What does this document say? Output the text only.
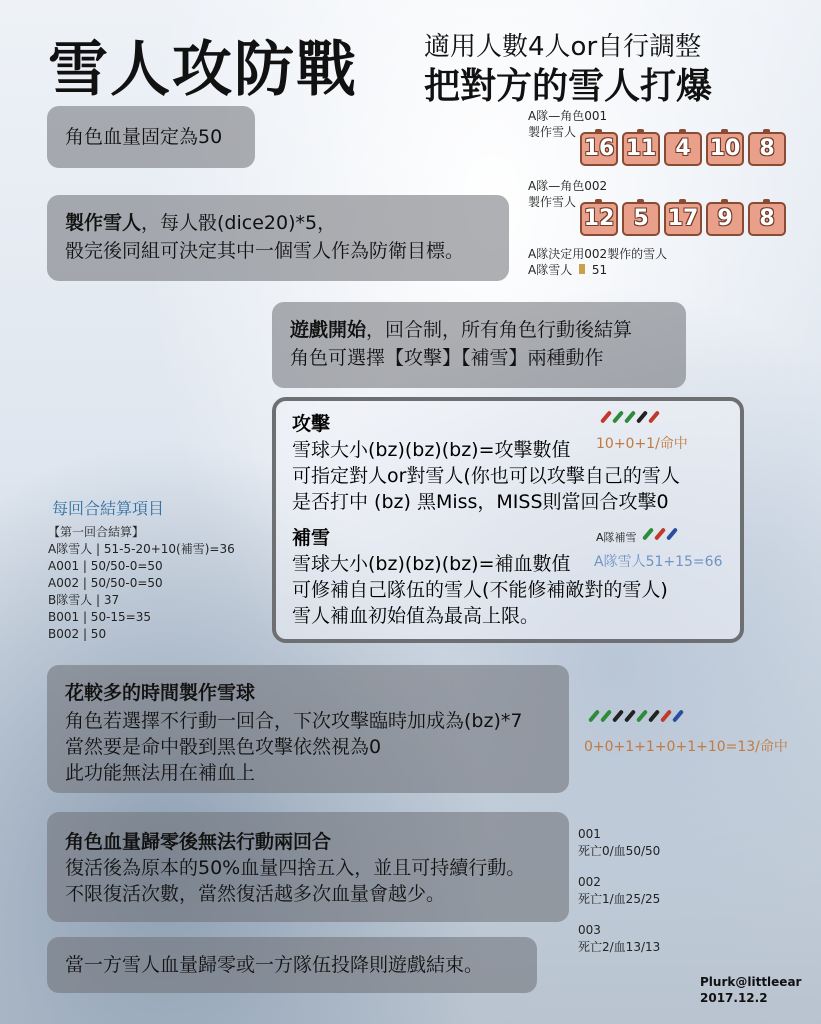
雪人攻防戰	適用人數4人or自行調整
把對方的雪人打爆
角色血量固定為50
製作雪人，每人骰(dice20)*5，
骰完後同組可決定其中一個雪人作為防衛目標。
A隊—角色001
製作雪人
16 11 4 10 8
A隊—角色002
製作雪人
12 5 17 9 8
A隊決定用002製作的雪人
A隊雪人 51
遊戲開始，回合制，所有角色行動後結算
角色可選擇【攻擊】【補雪】兩種動作
攻擊
雪球大小(bz)(bz)(bz)=攻擊數值
可指定對人or對雪人(你也可以攻擊自己的雪人
是否打中 (bz) 黑Miss，MISS則當回合攻擊0
10+0+1/命中
補雪
雪球大小(bz)(bz)(bz)=補血數值
可修補自己隊伍的雪人(不能修補敵對的雪人)
雪人補血初始值為最高上限。
A隊補雪
A隊雪人51+15=66
每回合結算項目
【第一回合結算】
A隊雪人 | 51-5-20+10(補雪)=36
A001 | 50/50-0=50
A002 | 50/50-0=50
B隊雪人 | 37
B001 | 50-15=35
B002 | 50
花較多的時間製作雪球
角色若選擇不行動一回合，下次攻擊臨時加成為(bz)*7
當然要是命中骰到黑色攻擊依然視為0
此功能無法用在補血上
0+0+1+1+0+1+10=13/命中
角色血量歸零後無法行動兩回合
復活後為原本的50%血量四捨五入，並且可持續行動。
不限復活次數，當然復活越多次血量會越少。
001
死亡0/血50/50
002
死亡1/血25/25
003
死亡2/血13/13
當一方雪人血量歸零或一方隊伍投降則遊戲結束。
Plurk@littleear
2017.12.2
